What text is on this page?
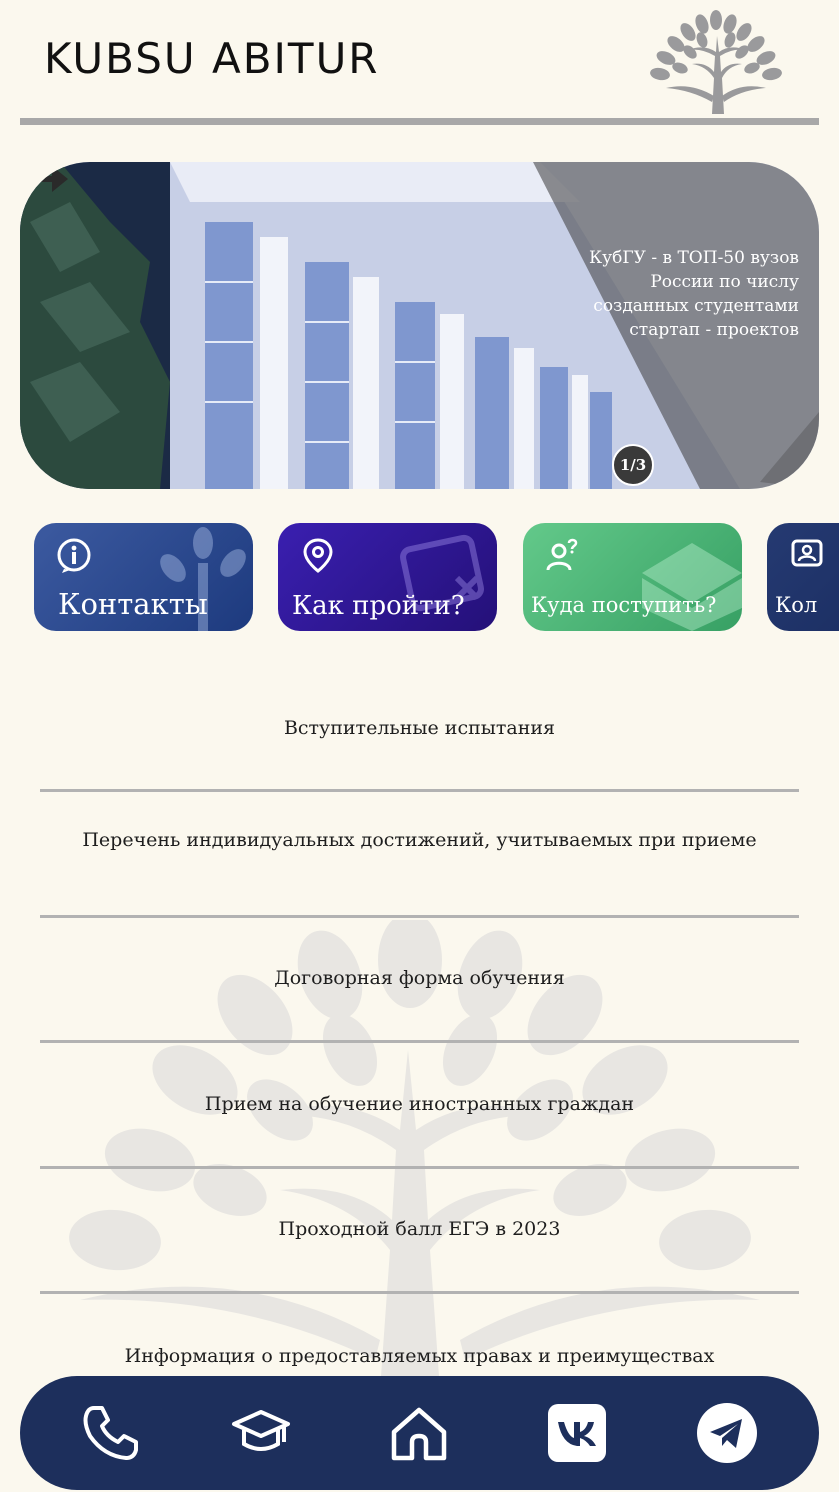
KUBSU ABITUR
КубГУ - в ТОП-50 вузов России по числу созданных студентами стартап - проектов
1/3
Контакты	Как пройти?	Куда поступить?	Кол
Вступительные испытания
Перечень индивидуальных достижений, учитываемых при приеме
Договорная форма обучения
Прием на обучение иностранных граждан
Проходной балл ЕГЭ в 2023
Информация о предоставляемых правах и преимуществах
